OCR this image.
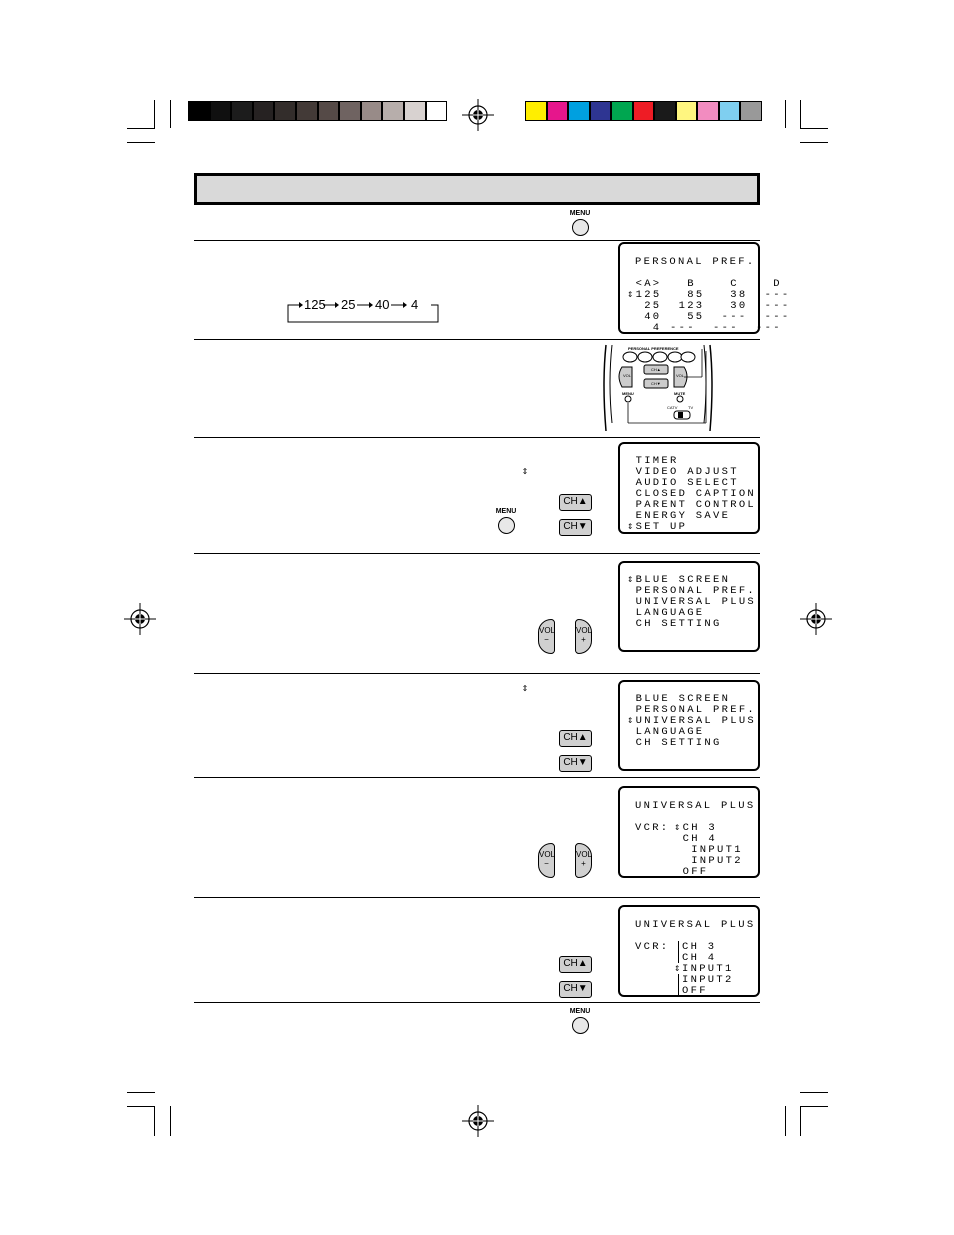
MENU
125 25 40 4
PERSONAL PREF.
<A>   B    C    D
⇕125   85   38  ---
25  123   30  ---
40   55  ---  ---
4 ---  ---  ---
PERSONAL PREFERENCE
CH▲
CH▼
VOL	VOL
MENU	MUTE
CATV	TV
⇕
MENU
CH▲
CH▼
TIMER
VIDEO ADJUST
AUDIO SELECT
CLOSED CAPTION
PARENT CONTROL
ENERGY SAVE
⇕SET UP
VOL
−
VOL
+
⇕BLUE SCREEN
PERSONAL PREF.
UNIVERSAL PLUS
LANGUAGE
CH SETTING
⇕
CH▲
CH▼
BLUE SCREEN
PERSONAL PREF.
⇕UNIVERSAL PLUS
LANGUAGE
CH SETTING
VOL
−
VOL
+
UNIVERSAL PLUS
VCR: ⇕CH 3
CH 4
INPUT1
INPUT2
OFF
CH▲
CH▼
UNIVERSAL PLUS
VCR: CH 3
CH 4
⇕ INPUT1
INPUT2
OFF
MENU
